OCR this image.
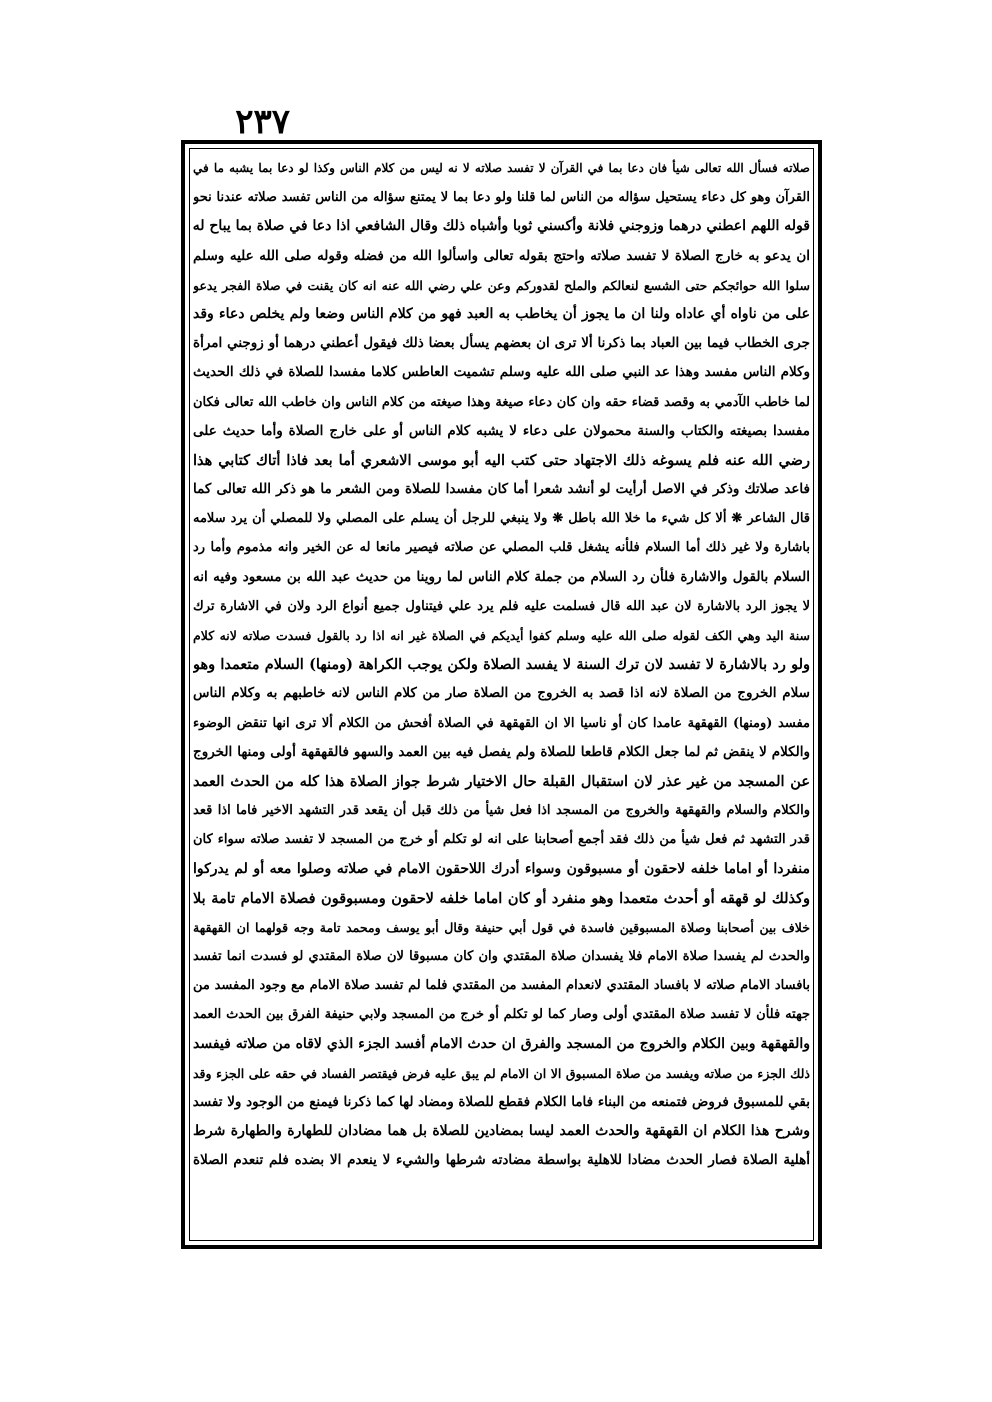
٢٣٧
صلاته فسأل الله تعالى شيأ فان دعا بما في القرآن لا تفسد صلاته لا نه ليس من كلام الناس وكذا لو دعا بما يشبه ما في
القرآن وهو كل دعاء يستحيل سؤاله من الناس لما قلنا ولو دعا بما لا يمتنع سؤاله من الناس تفسد صلاته عندنا نحو
قوله اللهم اعطني درهما وزوجني فلانة وأكسني ثوبا وأشباه ذلك وقال الشافعي اذا دعا في صلاة بما يباح له
ان يدعو به خارج الصلاة لا تفسد صلاته واحتج بقوله تعالى واسألوا الله من فضله وقوله صلى الله عليه وسلم
سلوا الله حوائجكم حتى الشسع لنعالكم والملح لقدوركم وعن علي رضي الله عنه انه كان يقنت في صلاة الفجر يدعو
على من ناواه أي عاداه ولنا ان ما يجوز أن يخاطب به العبد فهو من كلام الناس وضعا ولم يخلص دعاء وقد
جرى الخطاب فيما بين العباد بما ذكرنا ألا ترى ان بعضهم يسأل بعضا ذلك فيقول أعطني درهما أو زوجني امرأة
وكلام الناس مفسد وهذا عد النبي صلى الله عليه وسلم تشميت العاطس كلاما مفسدا للصلاة في ذلك الحديث
لما خاطب الآدمي به وقصد قضاء حقه وان كان دعاء صيغة وهذا صيغته من كلام الناس وان خاطب الله تعالى فكان
مفسدا بصيغته والكتاب والسنة محمولان على دعاء لا يشبه كلام الناس أو على خارج الصلاة وأما حديث على
رضي الله عنه فلم يسوغه ذلك الاجتهاد حتى كتب اليه أبو موسى الاشعري أما بعد فاذا أتاك كتابي هذا
فاعد صلاتك وذكر في الاصل أرأيت لو أنشد شعرا أما كان مفسدا للصلاة ومن الشعر ما هو ذكر الله تعالى كما
قال الشاعر ❋ ألا كل شيء ما خلا الله باطل ❋ ولا ينبغي للرجل أن يسلم على المصلي ولا للمصلي أن يرد سلامه
باشارة ولا غير ذلك أما السلام فلأنه يشغل قلب المصلي عن صلاته فيصير مانعا له عن الخير وانه مذموم وأما رد
السلام بالقول والاشارة فلأن رد السلام من جملة كلام الناس لما روينا من حديث عبد الله بن مسعود وفيه انه
لا يجوز الرد بالاشارة لان عبد الله قال فسلمت عليه فلم يرد علي فيتناول جميع أنواع الرد ولان في الاشارة ترك
سنة اليد وهي الكف لقوله صلى الله عليه وسلم كفوا أيديكم في الصلاة غير انه اذا رد بالقول فسدت صلاته لانه كلام
ولو رد بالاشارة لا تفسد لان ترك السنة لا يفسد الصلاة ولكن يوجب الكراهة (ومنها) السلام متعمدا وهو
سلام الخروج من الصلاة لانه اذا قصد به الخروج من الصلاة صار من كلام الناس لانه خاطبهم به وكلام الناس
مفسد (ومنها) القهقهة عامدا كان أو ناسيا الا ان القهقهة في الصلاة أفحش من الكلام ألا ترى انها تنقض الوضوء
والكلام لا ينقض ثم لما جعل الكلام قاطعا للصلاة ولم يفصل فيه بين العمد والسهو فالقهقهة أولى ومنها الخروج
عن المسجد من غير عذر لان استقبال القبلة حال الاختيار شرط جواز الصلاة هذا كله من الحدث العمد
والكلام والسلام والقهقهة والخروج من المسجد اذا فعل شيأ من ذلك قبل أن يقعد قدر التشهد الاخير فاما اذا قعد
قدر التشهد ثم فعل شيأ من ذلك فقد أجمع أصحابنا على انه لو تكلم أو خرج من المسجد لا تفسد صلاته سواء كان
منفردا أو اماما خلفه لاحقون أو مسبوقون وسواء أدرك اللاحقون الامام في صلاته وصلوا معه أو لم يدركوا
وكذلك لو قهقه أو أحدث متعمدا وهو منفرد أو كان اماما خلفه لاحقون ومسبوقون فصلاة الامام تامة بلا
خلاف بين أصحابنا وصلاة المسبوقين فاسدة في قول أبي حنيفة وقال أبو يوسف ومحمد تامة وجه قولهما ان القهقهة
والحدث لم يفسدا صلاة الامام فلا يفسدان صلاة المقتدي وان كان مسبوقا لان صلاة المقتدي لو فسدت انما تفسد
بافساد الامام صلاته لا بافساد المقتدي لانعدام المفسد من المقتدي فلما لم تفسد صلاة الامام مع وجود المفسد من
جهته فلأن لا تفسد صلاة المقتدي أولى وصار كما لو تكلم أو خرج من المسجد ولابي حنيفة الفرق بين الحدث العمد
والقهقهة وبين الكلام والخروج من المسجد والفرق ان حدث الامام أفسد الجزء الذي لاقاه من صلاته فيفسد
ذلك الجزء من صلاته ويفسد من صلاة المسبوق الا ان الامام لم يبق عليه فرض فيقتصر الفساد في حقه على الجزء وقد
بقي للمسبوق فروض فتمنعه من البناء فاما الكلام فقطع للصلاة ومضاد لها كما ذكرنا فيمنع من الوجود ولا تفسد
وشرح هذا الكلام ان القهقهة والحدث العمد ليسا بمضادين للصلاة بل هما مضادان للطهارة والطهارة شرط
أهلية الصلاة فصار الحدث مضادا للاهلية بواسطة مضادته شرطها والشيء لا ينعدم الا بضده فلم تنعدم الصلاة
